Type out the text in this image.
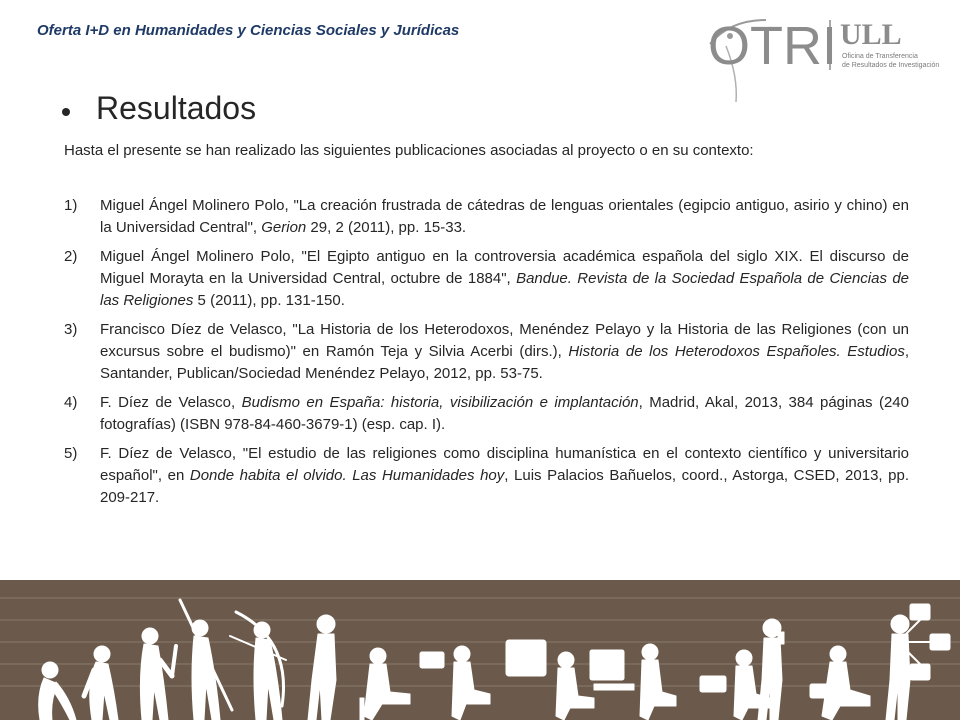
Oferta I+D en Humanidades y Ciencias Sociales y Jurídicas	OTRI ULL
Oficina de Transferencia
de Resultados de Investigación
Resultados

Hasta el presente se han realizado las siguientes publicaciones asociadas al proyecto o en su contexto:

1)	Miguel Ángel Molinero Polo, "La creación frustrada de cátedras de lenguas orientales (egipcio antiguo, asirio y chino) en la Universidad Central", Gerion 29, 2 (2011), pp. 15-33.
2)	Miguel Ángel Molinero Polo, "El Egipto antiguo en la controversia académica española del siglo XIX. El discurso de Miguel Morayta en la Universidad Central, octubre de 1884", Bandue. Revista de la Sociedad Española de Ciencias de las Religiones 5 (2011), pp. 131-150.
3)	Francisco Díez de Velasco, "La Historia de los Heterodoxos, Menéndez Pelayo y la Historia de las Religiones (con un excursus sobre el budismo)" en Ramón Teja y Silvia Acerbi (dirs.), Historia de los Heterodoxos Españoles. Estudios, Santander, Publican/Sociedad Menéndez Pelayo, 2012, pp. 53-75.
4)	F. Díez de Velasco, Budismo en España: historia, visibilización e implantación, Madrid, Akal, 2013, 384 páginas (240 fotografías) (ISBN 978-84-460-3679-1) (esp. cap. I).
5)	F. Díez de Velasco, "El estudio de las religiones como disciplina humanística en el contexto científico y universitario español", en Donde habita el olvido. Las Humanidades hoy, Luis Palacios Bañuelos, coord., Astorga, CSED, 2013, pp. 209-217.
